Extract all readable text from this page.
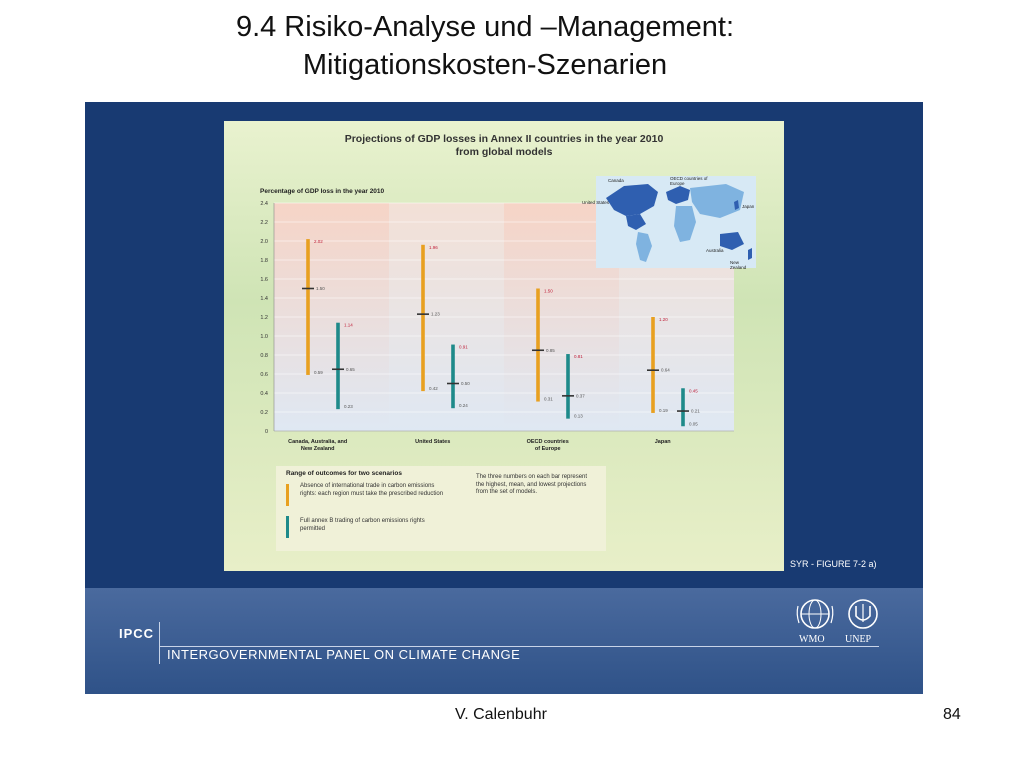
9.4 Risiko-Analyse und –Management:
Mitigationskosten-Szenarien
0
0.2
0.4
0.6
0.8
1.0
1.2
1.4
1.6
1.8
2.0
2.2
2.4
Percentage of GDP loss in the year 2010
Canada, Australia, and New Zealand
United States	OECD countries of Europe
Japan
2.02
1.50
0.59
1.96
1.23
0.42
1.50
0.85
0.31
1.20
0.64
0.19
1.14
0.65
0.23
0.91
0.50
0.24
0.81
0.37
0.13
0.45
0.21
0.05
Projections of GDP losses in Annex II countries in the year 2010 from global models
Canada	OECD countries of Europe
United States
Japan
Australia
New Zealand
Range of outcomes for two scenarios
Absence of international trade in carbon emissions rights: each region must take the prescribed reduction
Full annex B trading of carbon emissions rights permitted
The three numbers on each bar represent the highest, mean, and lowest projections from the set of models.
SYR - FIGURE 7-2 a)
IPCC
INTERGOVERNMENTAL PANEL ON CLIMATE CHANGE
WMO UNEP
V. Calenbuhr	84
